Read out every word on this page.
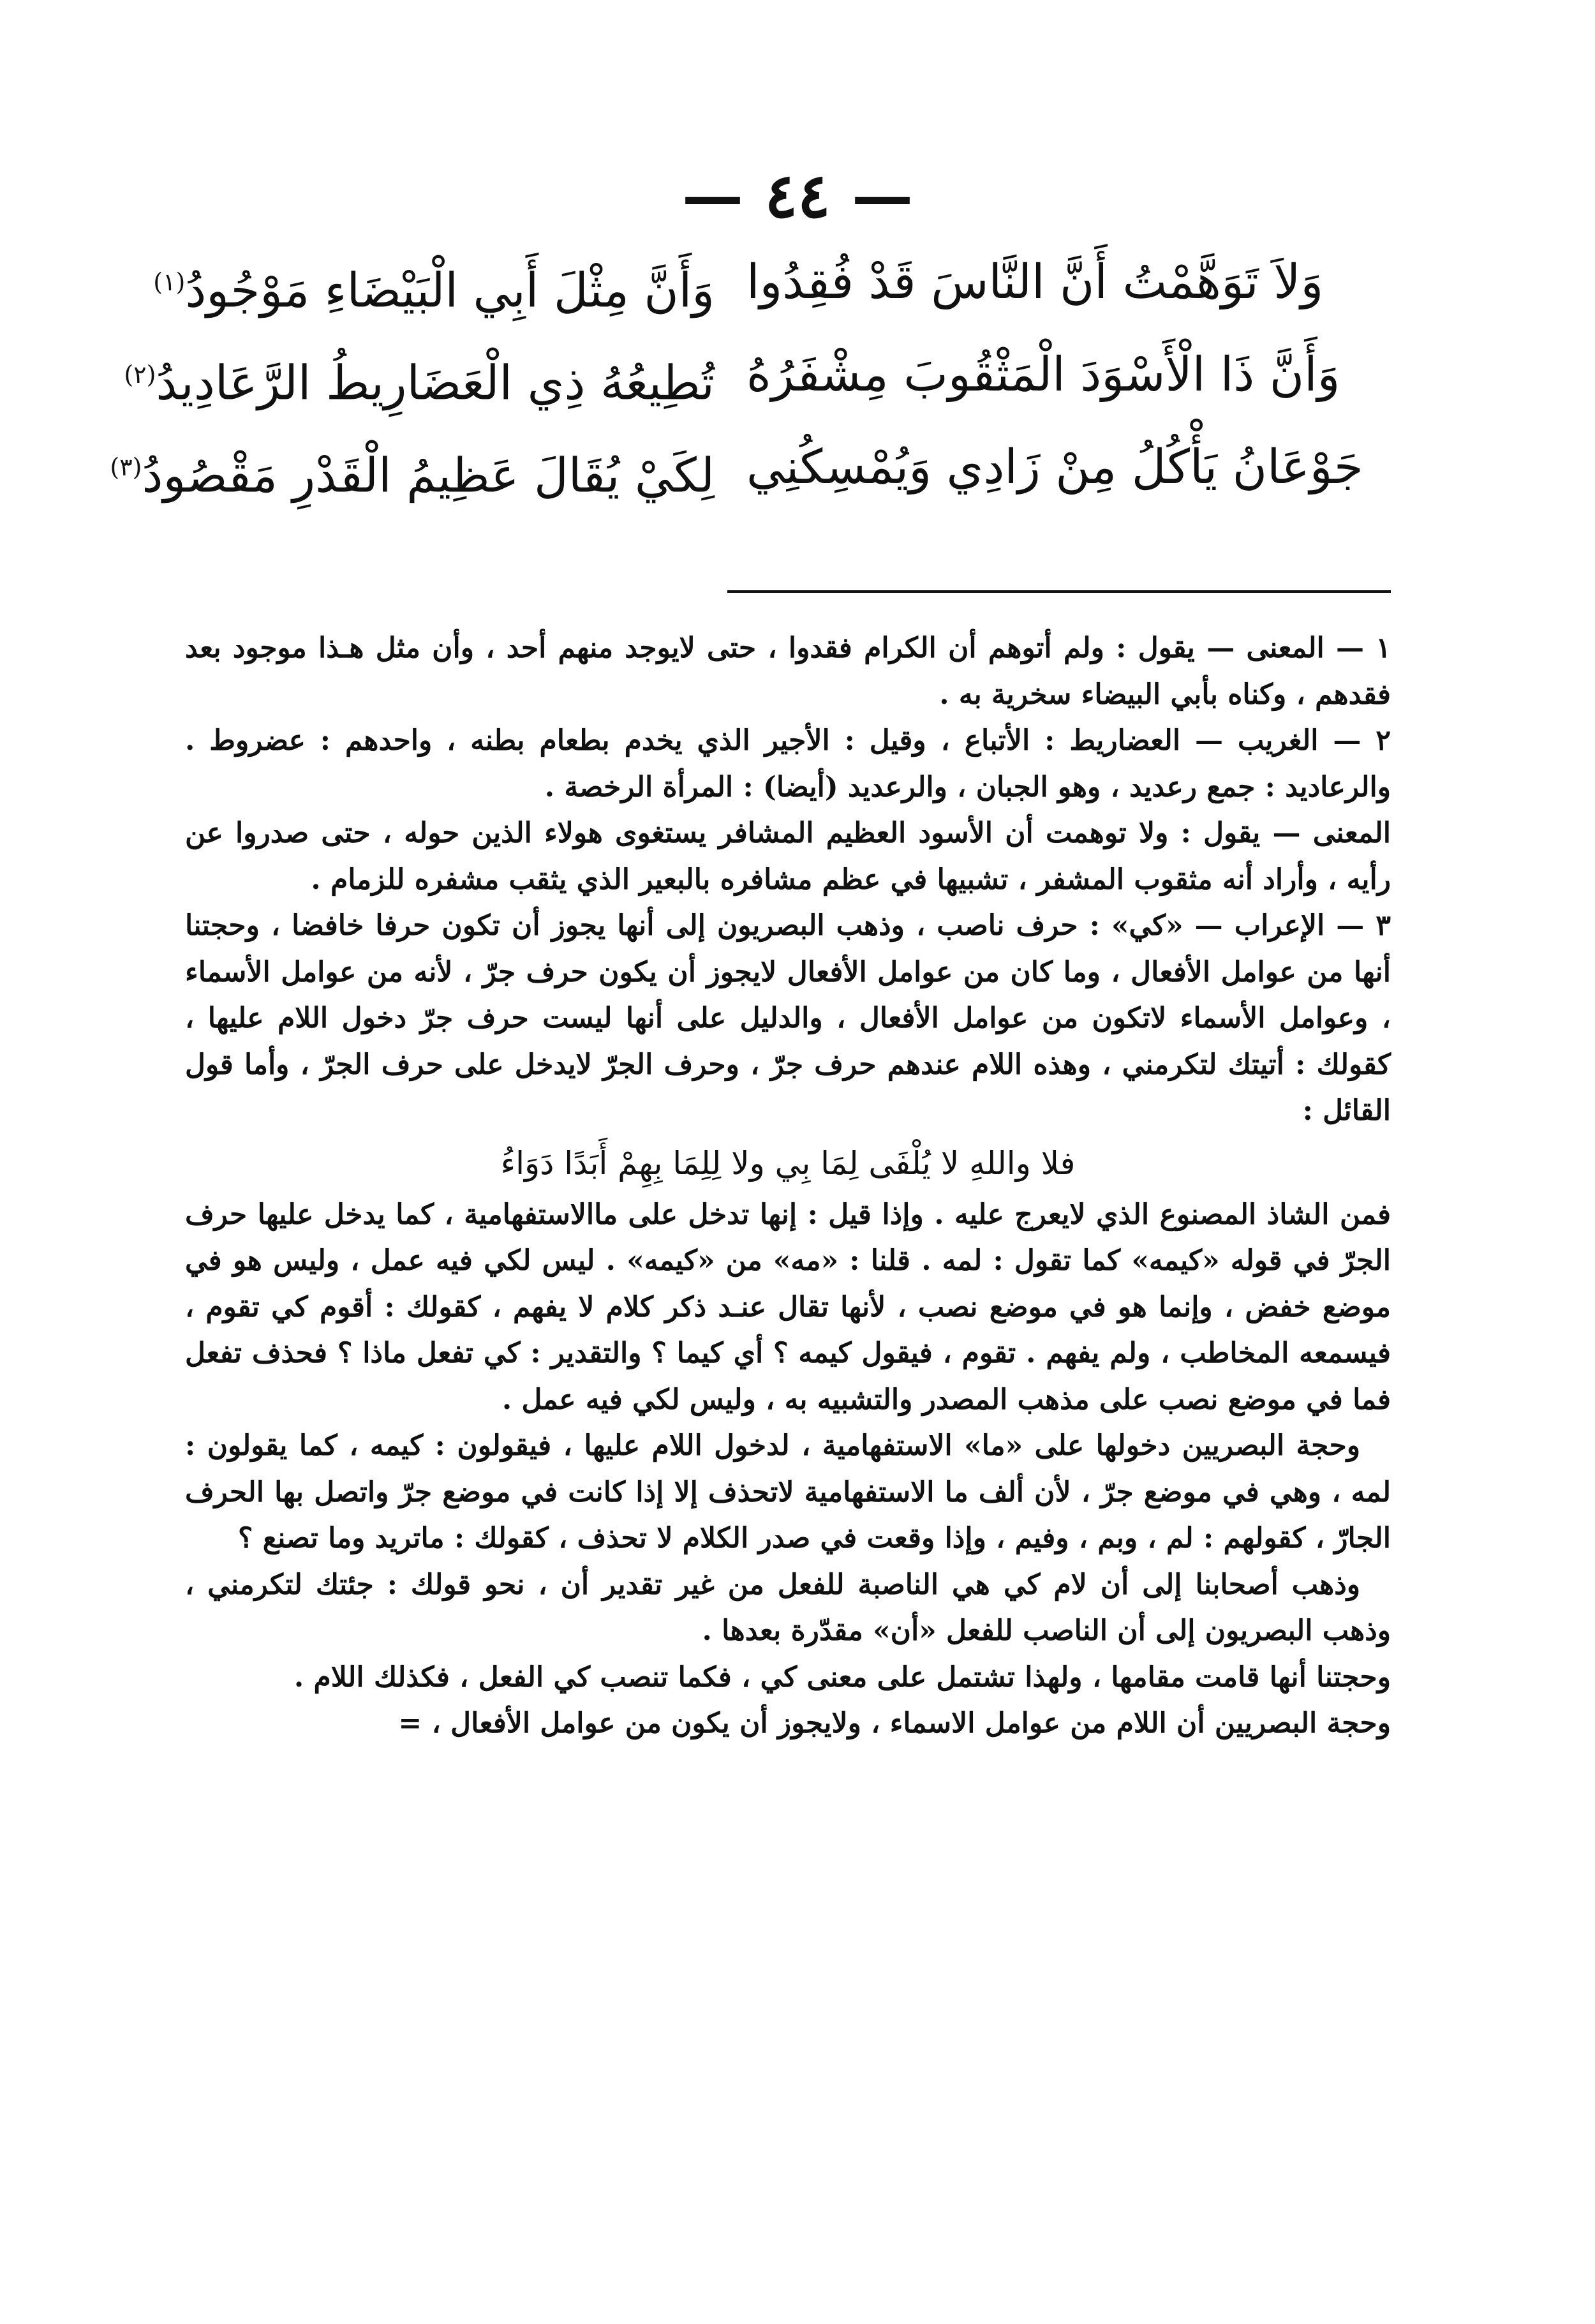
— ٤٤ —
وَلاَ تَوَهَّمْتُ أَنَّ النَّاسَ قَدْ فُقِدُوا
وَأَنَّ مِثْلَ أَبِي الْبَيْضَاءِ مَوْجُودُ$^{(١)}$
وَأَنَّ ذَا الْأَسْوَدَ الْمَثْقُوبَ مِشْفَرُهُ
تُطِيعُهُ ذِي الْعَضَارِيطُ الرَّعَادِيدُ$^{(٢)}$
جَوْعَانُ يَأْكُلُ مِنْ زَادِي وَيُمْسِكُنِي
لِكَيْ يُقَالَ عَظِيمُ الْقَدْرِ مَقْصُودُ$^{(٣)}$

١ — المعنى — يقول : ولم أتوهم أن الكرام فقدوا ، حتى لايوجد منهم أحد ، وأن مثل هـذا موجود بعد فقدهم ، وكناه بأبي البيضاء سخرية به .

٢ — الغريب — العضاريط : الأتباع ، وقيل : الأجير الذي يخدم بطعام بطنه ، واحدهم : عضروط . والرعاديد : جمع رعديد ، وهو الجبان ، والرعديد (أيضا) : المرأة الرخصة .

المعنى — يقول : ولا توهمت أن الأسود العظيم المشافر يستغوى هولاء الذين حوله ، حتى صدروا عن رأيه ، وأراد أنه مثقوب المشفر ، تشبيها في عظم مشافره بالبعير الذي يثقب مشفره للزمام .

٣ — الإعراب — «كي» : حرف ناصب ، وذهب البصريون إلى أنها يجوز أن تكون حرفا خافضا ، وحجتنا أنها من عوامل الأفعال ، وما كان من عوامل الأفعال لايجوز أن يكون حرف جرّ ، لأنه من عوامل الأسماء ، وعوامل الأسماء لاتكون من عوامل الأفعال ، والدليل على أنها ليست حرف جرّ دخول اللام عليها ، كقولك : أتيتك لتكرمني ، وهذه اللام عندهم حرف جرّ ، وحرف الجرّ لايدخل على حرف الجرّ ، وأما قول القائل :

فلا واللهِ لا يُلْفَى لِمَا بِي ولا لِلِمَا بِهِمْ أَبَدًا دَوَاءُ

فمن الشاذ المصنوع الذي لايعرج عليه . وإذا قيل : إنها تدخل على ماالاستفهامية ، كما يدخل عليها حرف الجرّ في قوله «كيمه» كما تقول : لمه . قلنا : «مه» من «كيمه» . ليس لكي فيه عمل ، وليس هو في موضع خفض ، وإنما هو في موضع نصب ، لأنها تقال عنـد ذكر كلام لا يفهم ، كقولك : أقوم كي تقوم ، فيسمعه المخاطب ، ولم يفهم . تقوم ، فيقول كيمه ؟ أي كيما ؟ والتقدير : كي تفعل ماذا ؟ فحذف تفعل فما في موضع نصب على مذهب المصدر والتشبيه به ، وليس لكي فيه عمل .

وحجة البصريين دخولها على «ما» الاستفهامية ، لدخول اللام عليها ، فيقولون : كيمه ، كما يقولون : لمه ، وهي في موضع جرّ ، لأن ألف ما الاستفهامية لاتحذف إلا إذا كانت في موضع جرّ واتصل بها الحرف الجارّ ، كقولهم : لم ، وبم ، وفيم ، وإذا وقعت في صدر الكلام لا تحذف ، كقولك : ماتريد وما تصنع ؟

وذهب أصحابنا إلى أن لام كي هي الناصبة للفعل من غير تقدير أن ، نحو قولك : جئتك لتكرمني ، وذهب البصريون إلى أن الناصب للفعل «أن» مقدّرة بعدها .

وحجتنا أنها قامت مقامها ، ولهذا تشتمل على معنى كي ، فكما تنصب كي الفعل ، فكذلك اللام .

وحجة البصريين أن اللام من عوامل الاسماء ، ولايجوز أن يكون من عوامل الأفعال ، =
